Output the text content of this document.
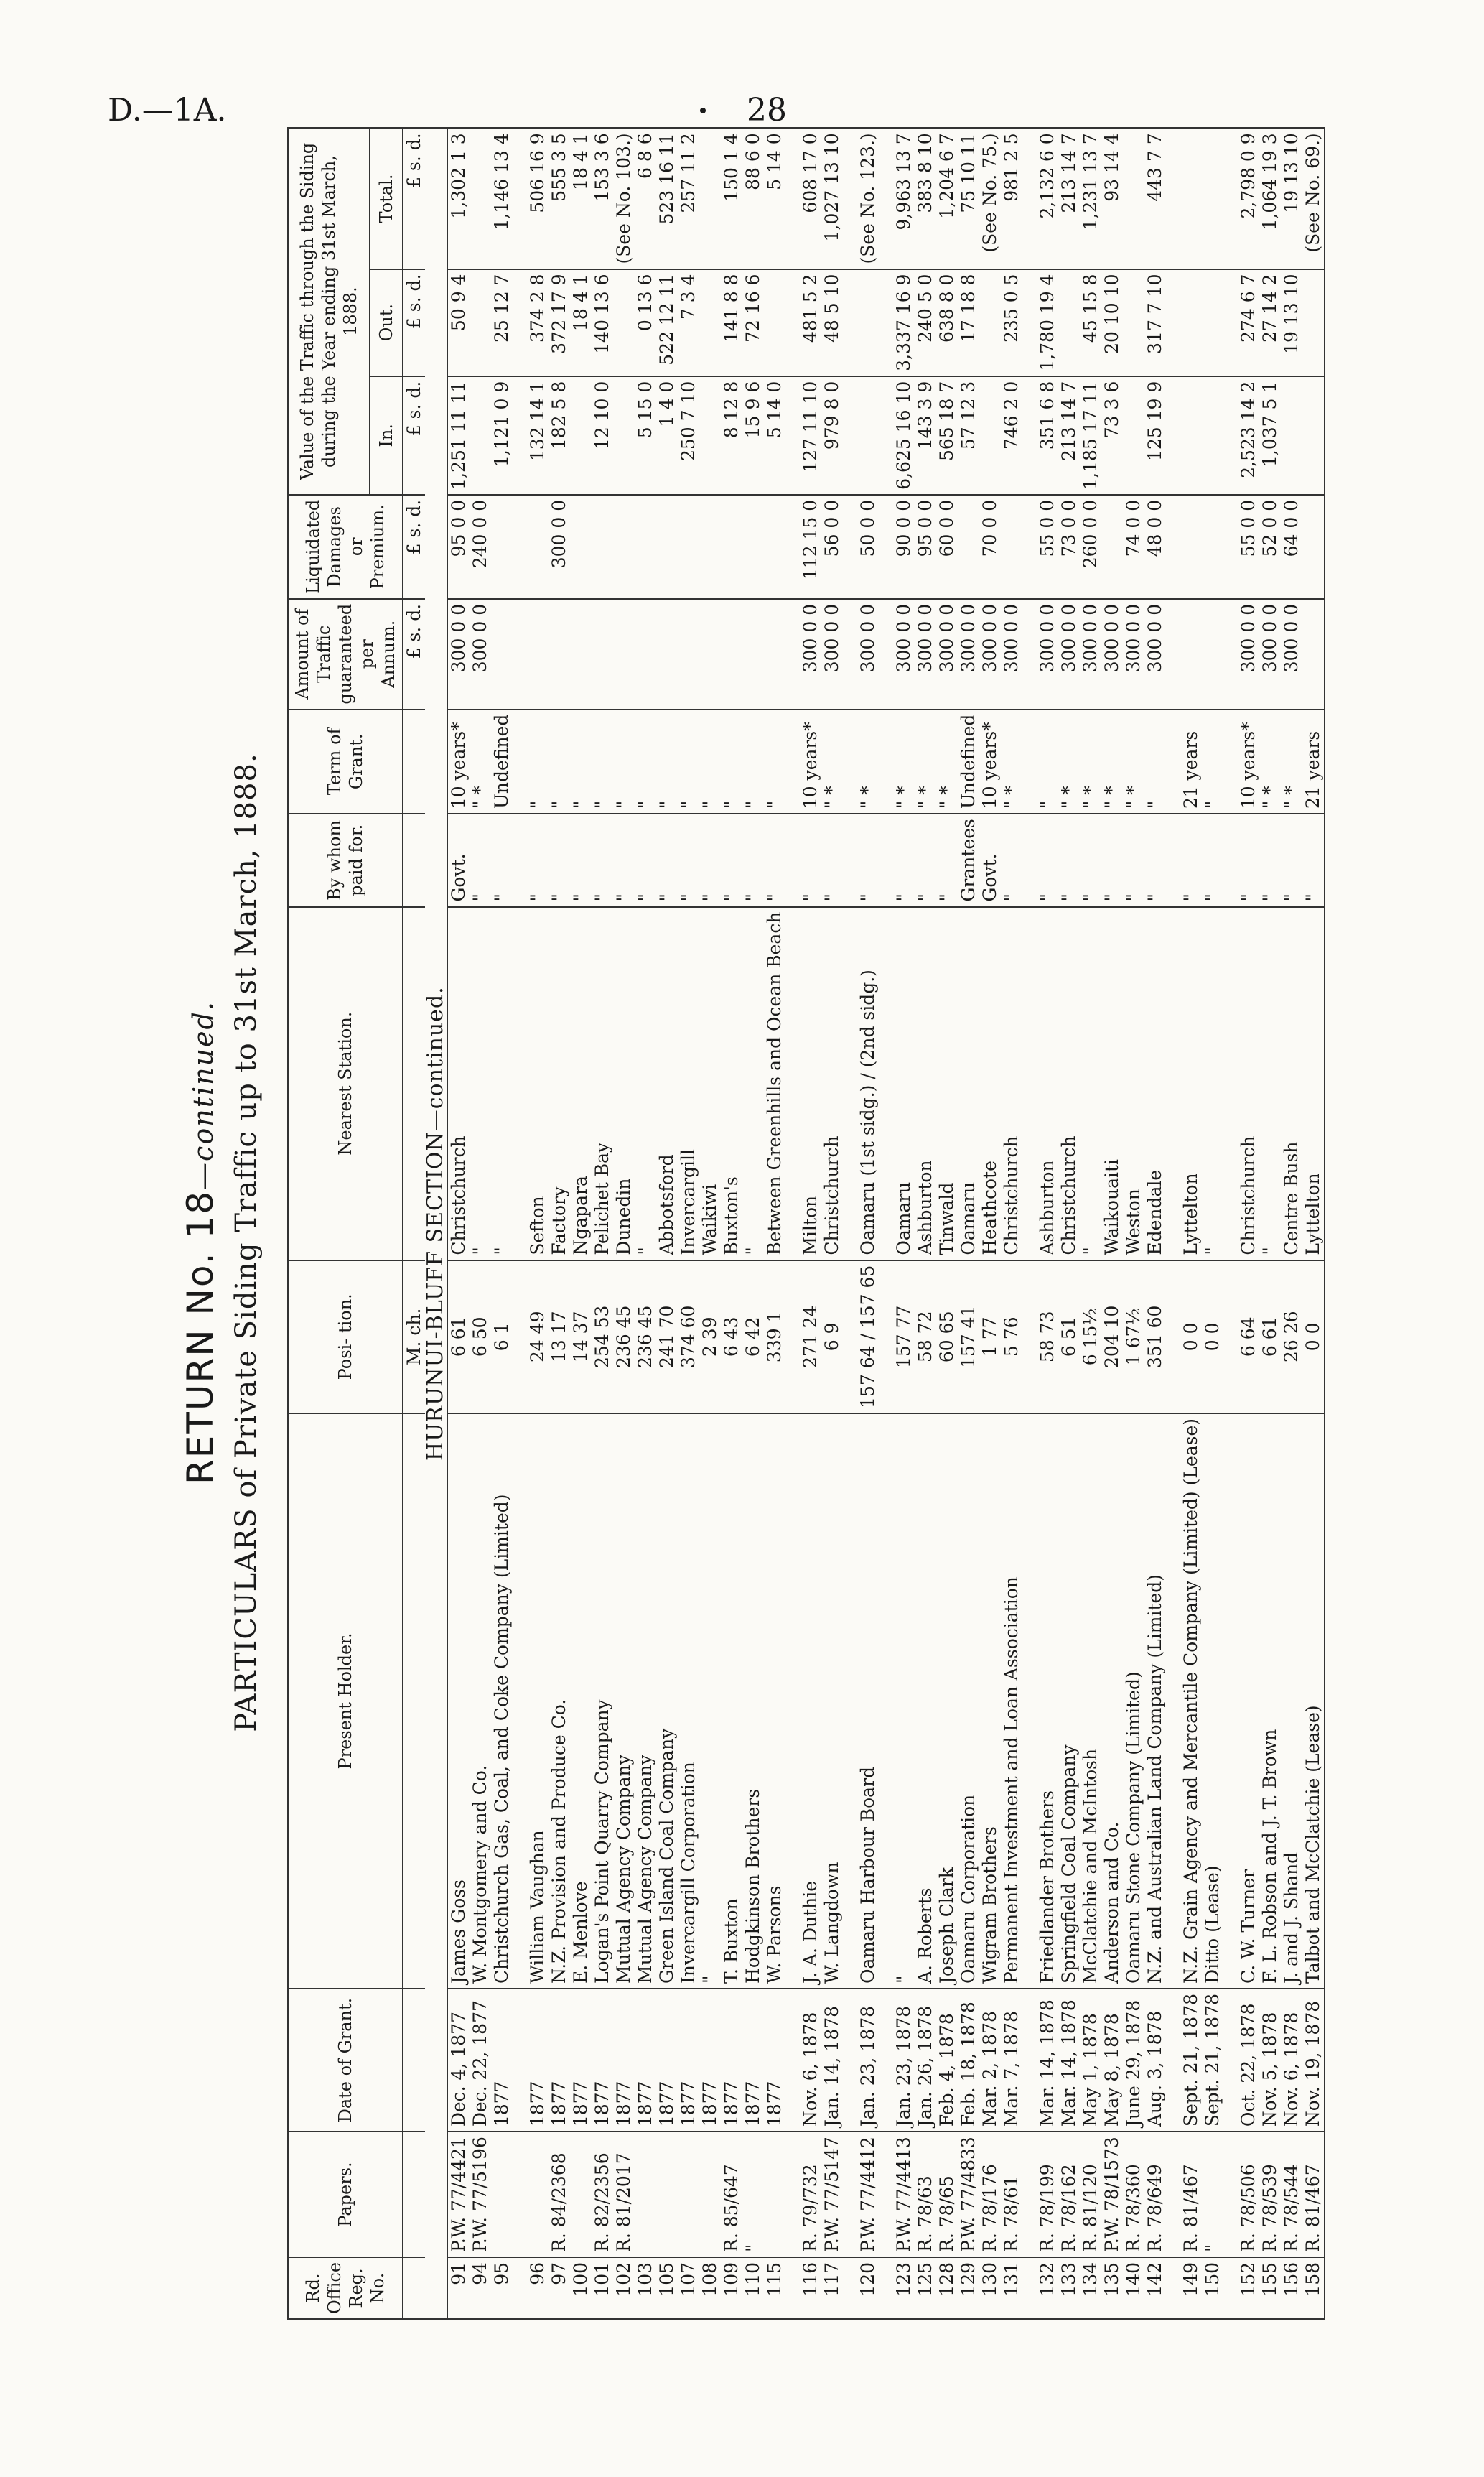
D.—1A.	28
RETURN No. 18—continued. PARTICULARS of Private Siding Traffic up to 31st March, 1888.
Rd. Office Reg. No.	Papers.	Date of Grant.	Present Holder.	Posi- tion.	Nearest Station.	By whom paid for.	Term of Grant.	Amount of Traffic guaranteed per Annum.	Liquidated Damages or Premium.	Value of the Traffic through the Siding during the Year ending 31st March, 1888.		
										In.	Out.	Total.
				M. ch.				£ s. d.	£ s. d.	£ s. d.	£ s. d.	£ s. d.
HURUNUI-BLUFF SECTION—continued.												
91	P.W. 77/4421	Dec. 4, 1877	James Goss	6 61	Christchurch	Govt.	10 years*	300 0 0	95 0 0	1,251 11 11	50 9 4	1,302 1 3
94	P.W. 77/5196	Dec. 22, 1877	W. Montgomery and Co.	6 50	"	"	" *	300 0 0	240 0 0			
95		1877	Christchurch Gas, Coal, and Coke Company (Limited)	6 1	"	"	Undefined			1,121 0 9	25 12 7	1,146 13 4

96		1877	William Vaughan	24 49	Sefton	"	"			132 14 1	374 2 8	506 16 9
97	R. 84/2368	1877	N.Z. Provision and Produce Co.	13 17	Factory	"	"		300 0 0	182 5 8	372 17 9	555 3 5
100		1877	E. Menlove	14 37	Ngapara	"	"				18 4 1	18 4 1
101	R. 82/2356	1877	Logan's Point Quarry Company	254 53	Pelichet Bay	"	"			12 10 0	140 13 6	153 3 6
102	R. 81/2017	1877	Mutual Agency Company	236 45	Dunedin	"	"					(See No. 103.)
103		1877	Mutual Agency Company	236 45	"	"	"			5 15 0	0 13 6	6 8 6
105		1877	Green Island Coal Company	241 70	Abbotsford	"	"			1 4 0	522 12 11	523 16 11
107		1877	Invercargill Corporation	374 60	Invercargill	"	"			250 7 10	7 3 4	257 11 2
108		1877	"	2 39	Waikiwi	"	"					
109	R. 85/647	1877	T. Buxton	6 43	Buxton's	"	"			8 12 8	141 8 8	150 1 4
110	"	1877	Hodgkinson Brothers	6 42	"	"	"			15 9 6	72 16 6	88 6 0
115		1877	W. Parsons	339 1	Between Greenhills and Ocean Beach	"	"			5 14 0		5 14 0

116	R. 79/732	Nov. 6, 1878	J. A. Duthie	271 24	Milton	"	10 years*	300 0 0	112 15 0	127 11 10	481 5 2	608 17 0
117	P.W. 77/5147	Jan. 14, 1878	W. Langdown	6 9	Christchurch	"	" *	300 0 0	56 0 0	979 8 0	48 5 10	1,027 13 10

120	P.W. 77/4412	Jan. 23, 1878	Oamaru Harbour Board	157 64 / 157 65	Oamaru (1st sidg.) / (2nd sidg.)	"	" *	300 0 0	50 0 0			(See No. 123.)

123	P.W. 77/4413	Jan. 23, 1878	"	157 77	Oamaru	"	" *	300 0 0	90 0 0	6,625 16 10	3,337 16 9	9,963 13 7
125	R. 78/63	Jan. 26, 1878	A. Roberts	58 72	Ashburton	"	" *	300 0 0	95 0 0	143 3 9	240 5 0	383 8 10
128	R. 78/65	Feb. 4, 1878	Joseph Clark	60 65	Tinwald	"	" *	300 0 0	60 0 0	565 18 7	638 8 0	1,204 6 7
129	P.W. 77/4833	Feb. 18, 1878	Oamaru Corporation	157 41	Oamaru	Grantees	Undefined	300 0 0		57 12 3	17 18 8	75 10 11
130	R. 78/176	Mar. 2, 1878	Wigram Brothers	1 77	Heathcote	Govt.	10 years*	300 0 0	70 0 0			(See No. 75.)
131	R. 78/61	Mar. 7, 1878	Permanent Investment and Loan Association	5 76	Christchurch	"	" *	300 0 0		746 2 0	235 0 5	981 2 5

132	R. 78/199	Mar. 14, 1878	Friedlander Brothers	58 73	Ashburton	"	"	300 0 0	55 0 0	351 6 8	1,780 19 4	2,132 6 0
133	R. 78/162	Mar. 14, 1878	Springfield Coal Company	6 51	Christchurch	"	" *	300 0 0	73 0 0	213 14 7		213 14 7
134	R. 81/120	May 1, 1878	McClatchie and McIntosh	6 15½	"	"	" *	300 0 0	260 0 0	1,185 17 11	45 15 8	1,231 13 7
135	P.W. 78/1573	May 8, 1878	Anderson and Co.	204 10	Waikouaiti	"	" *	300 0 0		73 3 6	20 10 10	93 14 4
140	R. 78/360	June 29, 1878	Oamaru Stone Company (Limited)	1 67½	Weston	"	" *	300 0 0	74 0 0			
142	R. 78/649	Aug. 3, 1878	N.Z. and Australian Land Company (Limited)	351 60	Edendale	"	"	300 0 0	48 0 0	125 19 9	317 7 10	443 7 7

149	R. 81/467	Sept. 21, 1878	N.Z. Grain Agency and Mercantile Company (Limited) (Lease)	0 0	Lyttelton	"	21 years					
150	"	Sept. 21, 1878	Ditto (Lease)	0 0	"	"	"					

152	R. 78/506	Oct. 22, 1878	C. W. Turner	6 64	Christchurch	"	10 years*	300 0 0	55 0 0	2,523 14 2	274 6 7	2,798 0 9
155	R. 78/539	Nov. 5, 1878	F. L. Robson and J. T. Brown	6 61	"	"	" *	300 0 0	52 0 0	1,037 5 1	27 14 2	1,064 19 3
156	R. 78/544	Nov. 6, 1878	J. and J. Shand	26 26	Centre Bush	"	" *	300 0 0	64 0 0		19 13 10	19 13 10
158	R. 81/467	Nov. 19, 1878	Talbot and McClatchie (Lease)	0 0	Lyttelton	"	21 years					(See No. 69.)
